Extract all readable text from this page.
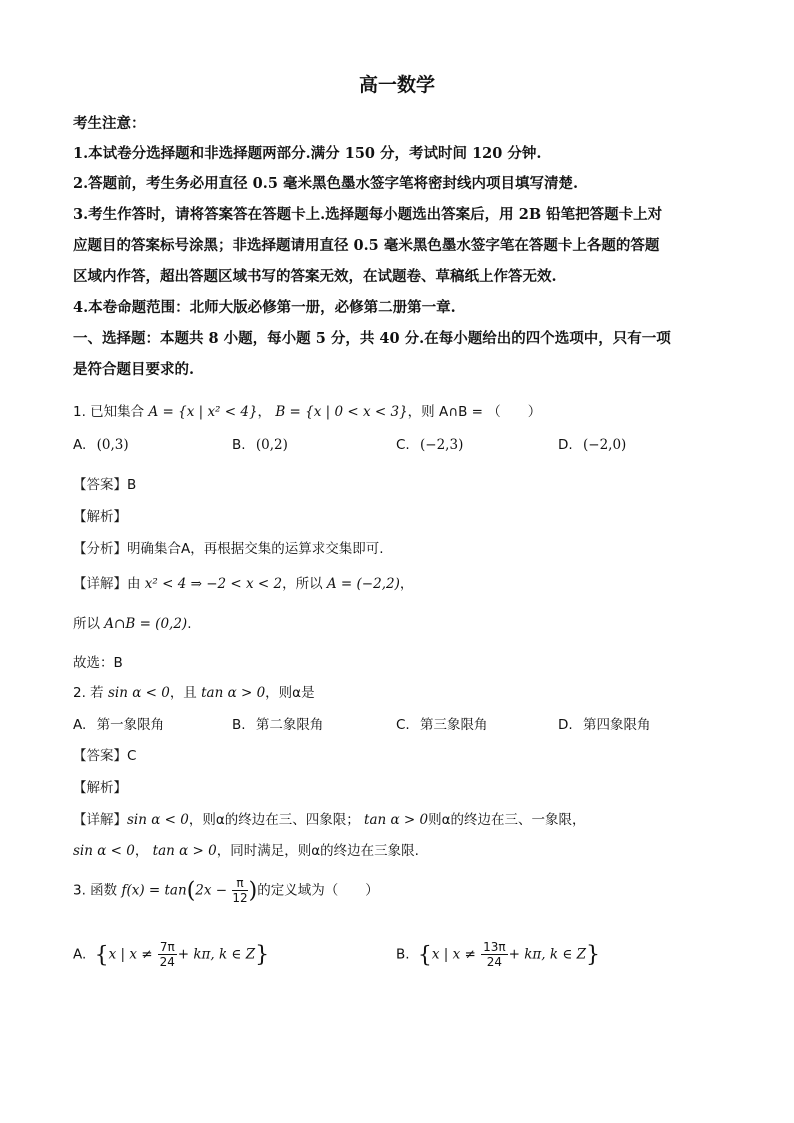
高一数学
考生注意：
1.本试卷分选择题和非选择题两部分.满分 150 分，考试时间 120 分钟.
2.答题前，考生务必用直径 0.5 毫米黑色墨水签字笔将密封线内项目填写清楚.
3.考生作答时，请将答案答在答题卡上.选择题每小题选出答案后，用 2B 铅笔把答题卡上对
应题目的答案标号涂黑；非选择题请用直径 0.5 毫米黑色墨水签字笔在答题卡上各题的答题
区域内作答，超出答题区域书写的答案无效，在试题卷、草稿纸上作答无效.
4.本卷命题范围：北师大版必修第一册，必修第二册第一章.
一、选择题：本题共 8 小题，每小题 5 分，共 40 分.在每小题给出的四个选项中，只有一项
是符合题目要求的.
1. 已知集合 A = {x | x² < 4}， B = {x | 0 < x < 3}，则 A∩B = （　　）
A. (0,3)	B. (0,2)	C. (−2,3)	D. (−2,0)
【答案】B
【解析】
【分析】明确集合A，再根据交集的运算求交集即可.
【详解】由 x² < 4 ⇒ −2 < x < 2，所以 A = (−2,2)，
所以 A∩B = (0,2).
故选：B
2. 若 sin α < 0，且 tan α > 0，则α是
A. 第一象限角	B. 第二象限角	C. 第三象限角	D. 第四象限角
【答案】C
【解析】
【详解】sin α < 0，则α的终边在三、四象限； tan α > 0则α的终边在三、一象限，
sin α < 0， tan α > 0，同时满足，则α的终边在三象限.
3. 函数 $f(x) = \tan(2x - \frac{\pi}{12}$ )的定义域为（　　）
A. {x | $x \ne \frac{7\pi}{24} + k\pi$, k ∈ Z}	B. {x | $x \ne \frac{13\pi}{24} + k\pi$, k ∈ Z}
